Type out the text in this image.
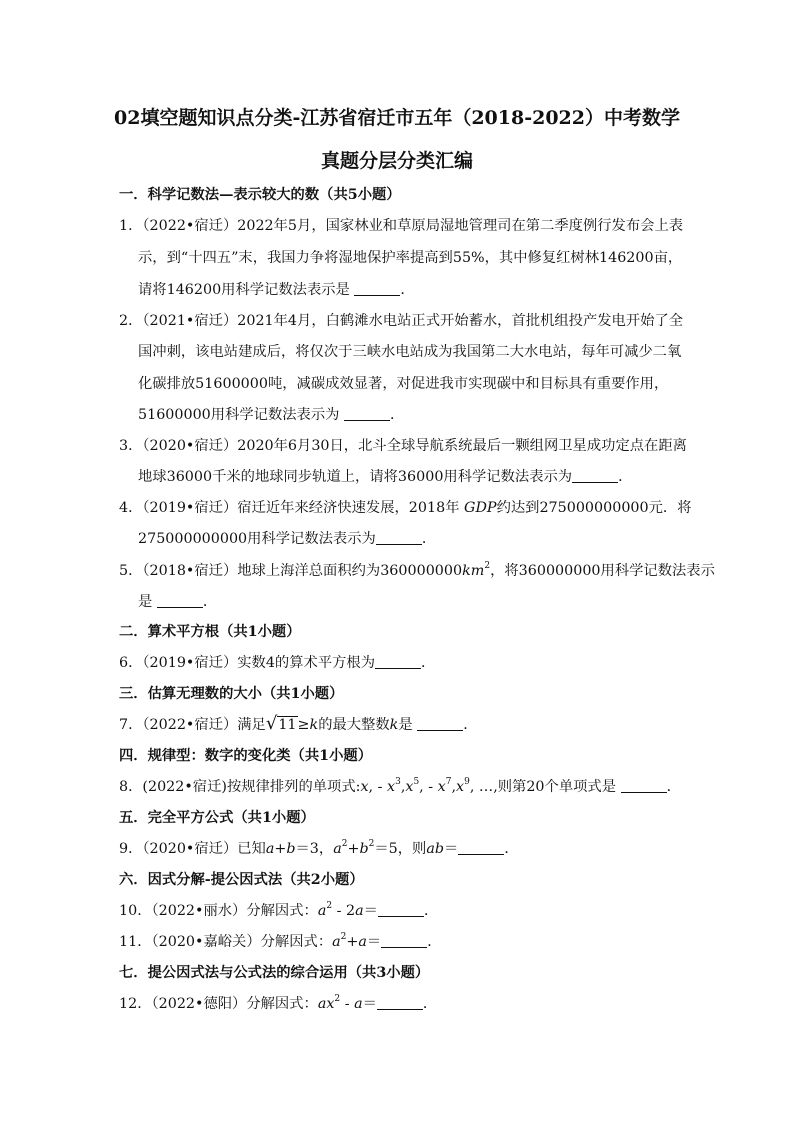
02填空题知识点分类-江苏省宿迁市五年（2018-2022）中考数学
真题分层分类汇编
一．科学记数法—表示较大的数（共5小题）
1．（2022•宿迁）2022年5月，国家林业和草原局湿地管理司在第二季度例行发布会上表
示，到“十四五”末，我国力争将湿地保护率提高到55%，其中修复红树林146200亩，
请将146200用科学记数法表示是	．
2．（2021•宿迁）2021年4月，白鹤滩水电站正式开始蓄水，首批机组投产发电开始了全
国冲刺，该电站建成后，将仅次于三峡水电站成为我国第二大水电站，每年可减少二氧
化碳排放51600000吨，减碳成效显著，对促进我市实现碳中和目标具有重要作用，
51600000用科学记数法表示为	．
3．（2020•宿迁）2020年6月30日，北斗全球导航系统最后一颗组网卫星成功定点在距离
地球36000千米的地球同步轨道上，请将36000用科学记数法表示为	．
4．（2019•宿迁）宿迁近年来经济快速发展，2018年 GDP约达到275000000000元．将
275000000000用科学记数法表示为	．
5．（2018•宿迁）地球上海洋总面积约为$360000000km^2$，将360000000用科学记数法表示
是	．
二．算术平方根（共1小题）
6．（2019•宿迁）实数4的算术平方根为	．
三．估算无理数的大小（共1小题）
7．（2022•宿迁）满足√11≥k的最大整数k是	．
四．规律型：数字的变化类（共1小题）
8．(2022•宿迁)按规律排列的单项式:x, - $x^3,x^5$, - $x^7,x^9$, …,则第20个单项式是	．
五．完全平方公式（共1小题）
9．（2020•宿迁）已知a+b＝3，$a^2+b^2=5$，则ab＝	．
六．因式分解-提公因式法（共2小题）
10．（2022•丽水）分解因式：$a^2 - 2a=$	．
11．（2020•嘉峪关）分解因式：$a^2+a=$	．
七．提公因式法与公式法的综合运用（共3小题）
12．（2022•德阳）分解因式：$ax^2 - a=$	．
